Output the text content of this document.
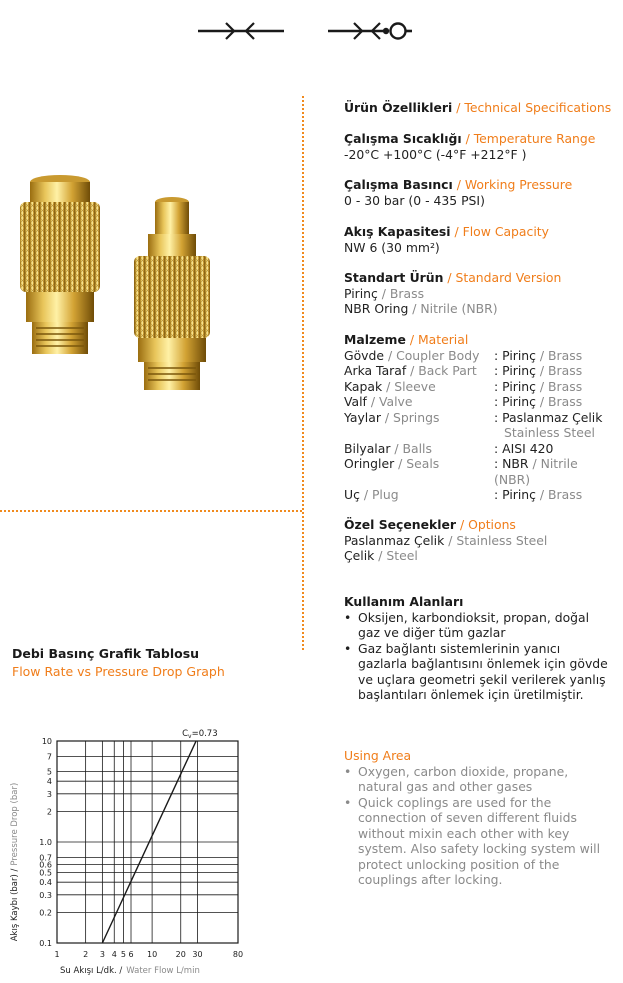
Ürün Özellikleri / Technical Specifications
Çalışma Sıcaklığı / Temperature Range
-20°C +100°C (-4°F +212°F )
Çalışma Basıncı / Working Pressure
0 - 30 bar (0 - 435 PSI)
Akış Kapasitesi / Flow Capacity
NW 6 (30 mm²)
Standart Ürün / Standard Version
Pirinç / Brass
NBR Oring / Nitrile (NBR)
Malzeme / Material
Gövde / Coupler Body	: Pirinç / Brass
Arka Taraf / Back Part	: Pirinç / Brass
Kapak / Sleeve	: Pirinç / Brass
Valf / Valve	: Pirinç / Brass
Yaylar / Springs	: Paslanmaz Çelik
Stainless Steel
Bilyalar / Balls	: AISI 420
Oringler / Seals	: NBR / Nitrile (NBR)
Uç / Plug	: Pirinç / Brass
Özel Seçenekler / Options
Paslanmaz Çelik / Stainless Steel
Çelik / Steel
Kullanım Alanları
• Oksijen, karbondioksit, propan, doğal gaz ve diğer tüm gazlar
• Gaz bağlantı sistemlerinin yanıcı gazlarla bağlantısını önlemek için gövde ve uçlara geometri şekil verilerek yanlış başlantıları önlemek için üretilmiştir.
Using Area
• Oxygen, carbon dioxide, propane, natural gas and other gases
• Quick coplings are used for the connection of seven different fluids without mixin each other with key system. Also safety locking system will protect unlocking position of the couplings after locking.
Debi Basınç Grafik Tablosu
Flow Rate vs Pressure Drop Graph
0.1
0.2
0.3
0.4
0.5
0.6
0.7
1.0
2
3
4
5
7
10
1	2 3 4 5 6 10 20 30	80
$C_v=0.73$
Akış Kaybı (bar) /Pressure Drop (bar)
Su Akışı L/dk. / Water Flow L/min
